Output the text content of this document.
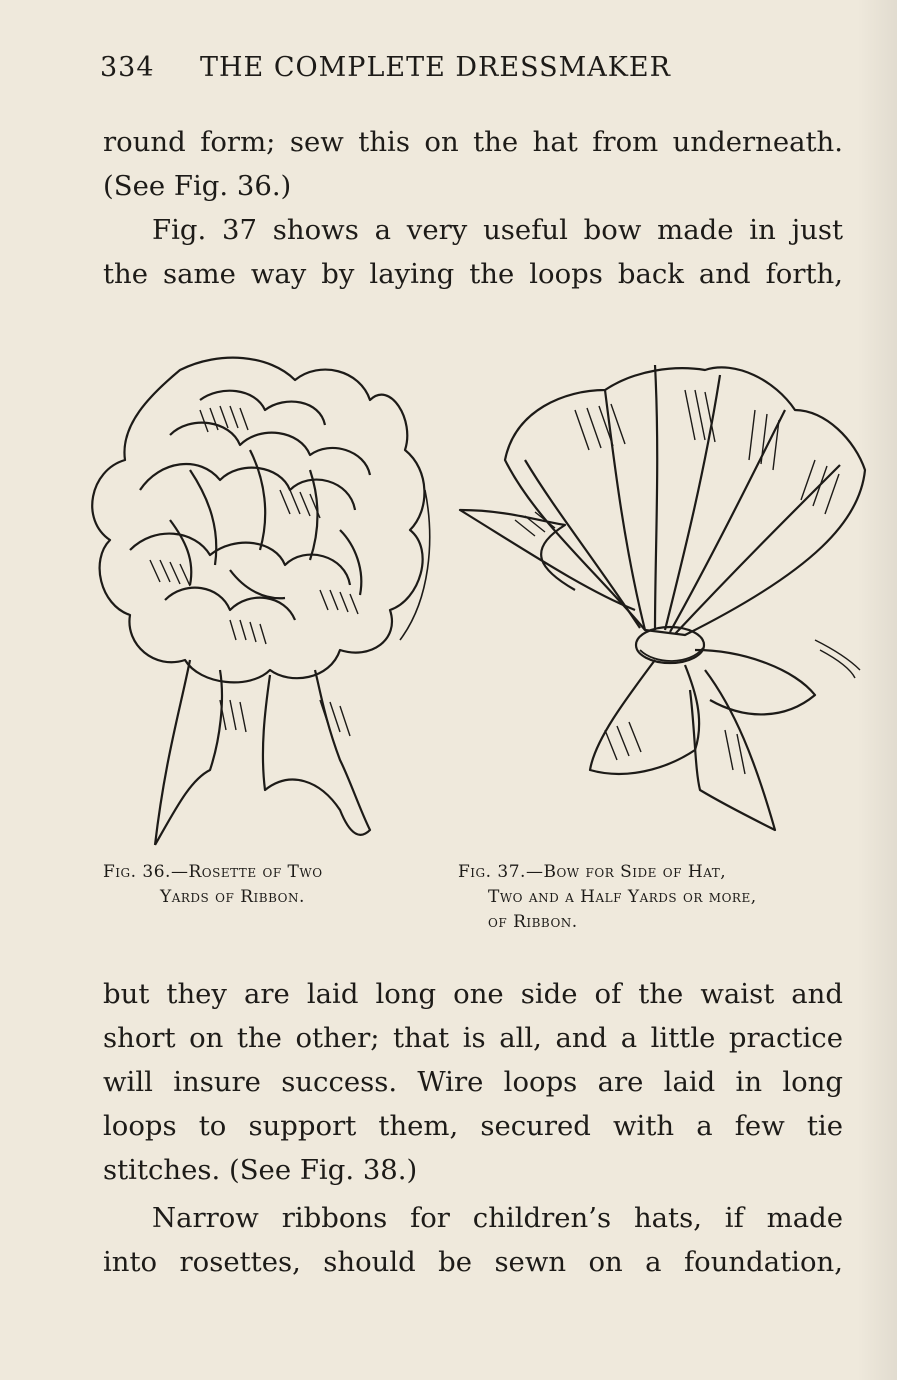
334 THE COMPLETE DRESSMAKER
round form; sew this on the hat from underneath.
(See Fig. 36.)
Fig. 37 shows a very useful bow made in just
the same way by laying the loops back and forth,
Fig. 36.—Rosette of Two
Yards of Ribbon.
Fig. 37.—Bow for Side of Hat,
Two and a Half Yards or more,
of Ribbon.
but they are laid long one side of the waist and
short on the other; that is all, and a little practice
will insure success. Wire loops are laid in long
loops to support them, secured with a few tie
stitches. (See Fig. 38.)
Narrow ribbons for children’s hats, if made
into rosettes, should be sewn on a foundation,
